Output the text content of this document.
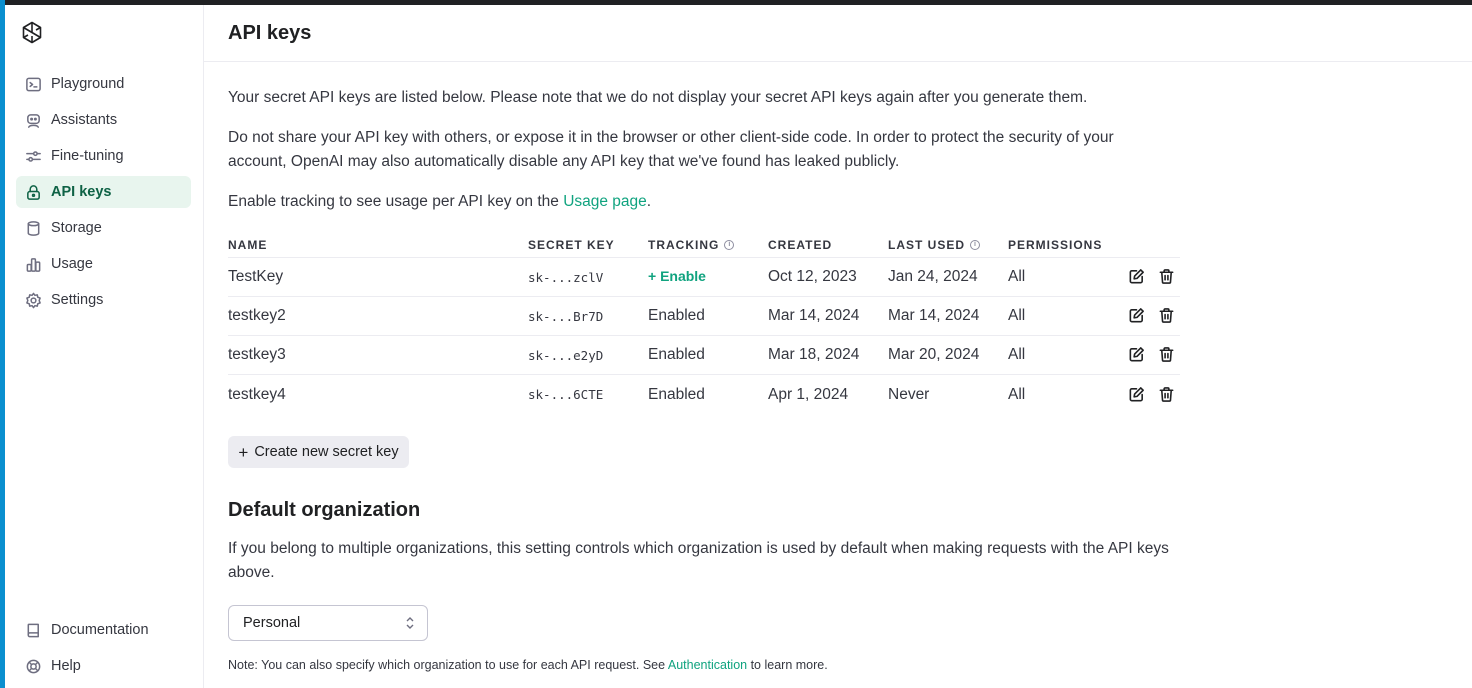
Playground
Assistants
Fine-tuning
API keys
Storage
Usage
Settings
Documentation
Help
API keys

Your secret API keys are listed below. Please note that we do not display your secret API keys again after you generate them.

Do not share your API key with others, or expose it in the browser or other client-side code. In order to protect the security of your account, OpenAI may also automatically disable any API key that we've found has leaked publicly.

Enable tracking to see usage per API key on the Usage page.

NAME	SECRET KEY	TRACKING	i	CREATED	LAST USED	i	PERMISSIONS
TestKey	sk-...zclV	+ Enable	Oct 12, 2023	Jan 24, 2024	All
testkey2	sk-...Br7D	Enabled	Mar 14, 2024	Mar 14, 2024	All
testkey3	sk-...e2yD	Enabled	Mar 18, 2024	Mar 20, 2024	All
testkey4	sk-...6CTE	Enabled	Apr 1, 2024	Never	All
+ Create new secret key
Default organization

If you belong to multiple organizations, this setting controls which organization is used by default when making requests with the API keys above.

Personal

Note: You can also specify which organization to use for each API request. See Authentication to learn more.
